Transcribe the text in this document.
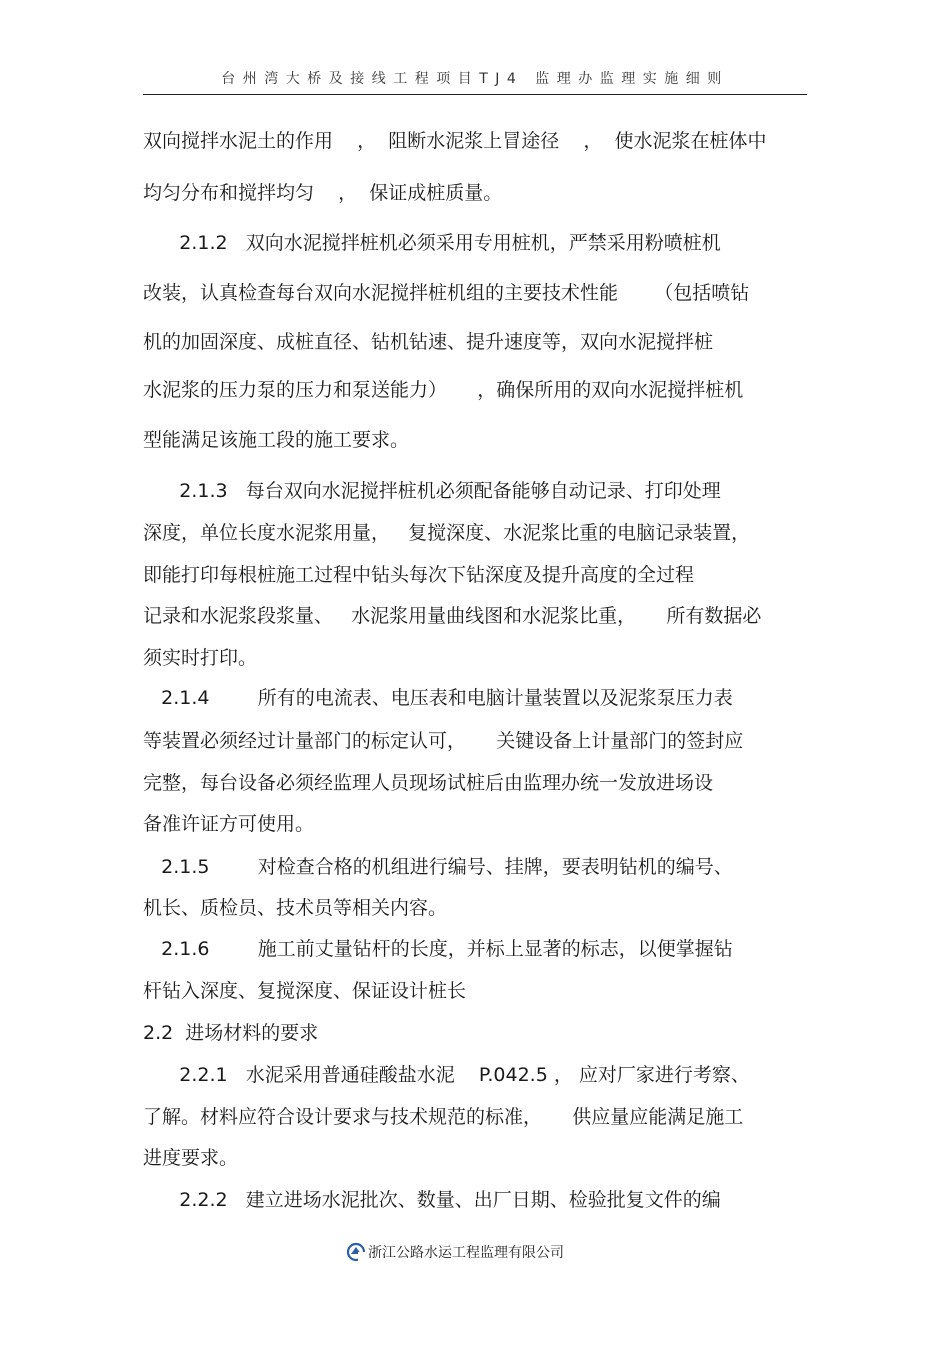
台州湾大桥及接线工程项目TJ4 监理办监理实施细则
双向搅拌水泥土的作用    ，  阻断水泥浆上冒途径    ，  使水泥浆在桩体中
均匀分布和搅拌均匀    ，  保证成桩质量。
2.1.2   双向水泥搅拌桩机必须采用专用桩机，严禁采用粉喷桩机
改装，认真检查每台双向水泥搅拌桩机组的主要技术性能      （包括喷钻
机的加固深度、成桩直径、钻机钻速、提升速度等，双向水泥搅拌桩
水泥浆的压力泵的压力和泵送能力）     ，确保所用的双向水泥搅拌桩机
型能满足该施工段的施工要求。
2.1.3   每台双向水泥搅拌桩机必须配备能够自动记录、打印处理
深度，单位长度水泥浆用量，   复搅深度、水泥浆比重的电脑记录装置，
即能打印每根桩施工过程中钻头每次下钻深度及提升高度的全过程
记录和水泥浆段浆量、   水泥浆用量曲线图和水泥浆比重，     所有数据必
须实时打印。
2.1.4        所有的电流表、电压表和电脑计量装置以及泥浆泵压力表
等装置必须经过计量部门的标定认可，     关键设备上计量部门的签封应
完整，每台设备必须经监理人员现场试桩后由监理办统一发放进场设
备准许证方可使用。
2.1.5        对检查合格的机组进行编号、挂牌，要表明钻机的编号、
机长、质检员、技术员等相关内容。
2.1.6        施工前丈量钻杆的长度，并标上显著的标志，以便掌握钻
杆钻入深度、复搅深度、保证设计桩长
2.2  进场材料的要求
2.2.1   水泥采用普通硅酸盐水泥    P.042.5 ， 应对厂家进行考察、
了解。材料应符合设计要求与技术规范的标准，     供应量应能满足施工
进度要求。
2.2.2   建立进场水泥批次、数量、出厂日期、检验批复文件的编
浙江公路水运工程监理有限公司
